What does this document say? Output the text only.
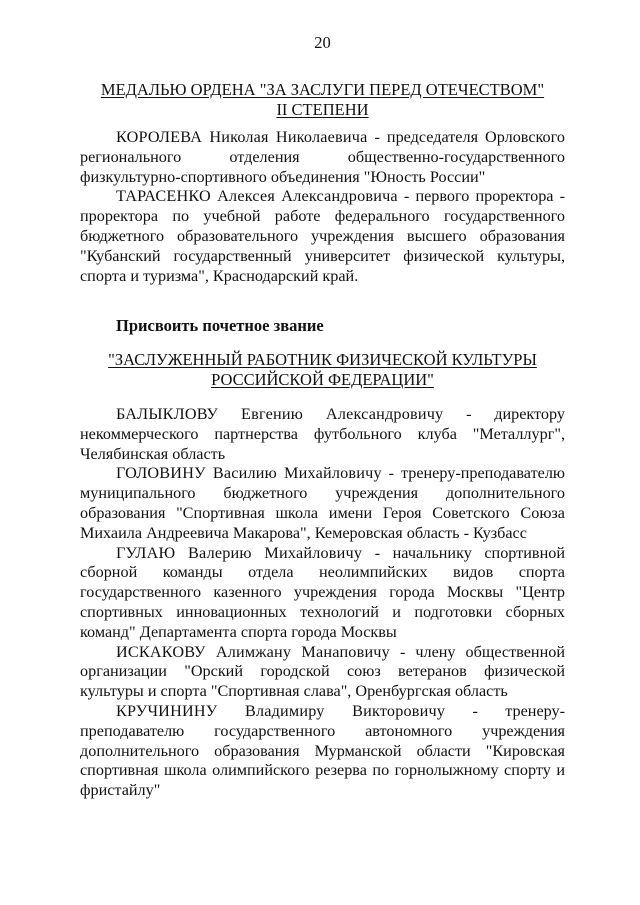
20
МЕДАЛЬЮ ОРДЕНА "ЗА ЗАСЛУГИ ПЕРЕД ОТЕЧЕСТВОМ"
II СТЕПЕНИ

КОРОЛЕВА Николая Николаевича - председателя Орловского регионального отделения общественно-государственного физкультурно-спортивного объединения "Юность России"

ТАРАСЕНКО Алексея Александровича - первого проректора - проректора по учебной работе федерального государственного бюджетного образовательного учреждения высшего образования "Кубанский государственный университет физической культуры, спорта и туризма", Краснодарский край.

Присвоить почетное звание
"ЗАСЛУЖЕННЫЙ РАБОТНИК ФИЗИЧЕСКОЙ КУЛЬТУРЫ
РОССИЙСКОЙ ФЕДЕРАЦИИ"

БАЛЫКЛОВУ Евгению Александровичу - директору некоммерческого партнерства футбольного клуба "Металлург", Челябинская область

ГОЛОВИНУ Василию Михайловичу - тренеру-преподавателю муниципального бюджетного учреждения дополнительного образования "Спортивная школа имени Героя Советского Союза Михаила Андреевича Макарова", Кемеровская область - Кузбасс

ГУЛАЮ Валерию Михайловичу - начальнику спортивной сборной команды отдела неолимпийских видов спорта государственного казенного учреждения города Москвы "Центр спортивных инновационных технологий и подготовки сборных команд" Департамента спорта города Москвы

ИСКАКОВУ Алимжану Манаповичу - члену общественной организации "Орский городской союз ветеранов физической культуры и спорта "Спортивная слава", Оренбургская область

КРУЧИНИНУ Владимиру Викторовичу - тренеру-преподавателю государственного автономного учреждения дополнительного образования Мурманской области "Кировская спортивная школа олимпийского резерва по горнолыжному спорту и фристайлу"
